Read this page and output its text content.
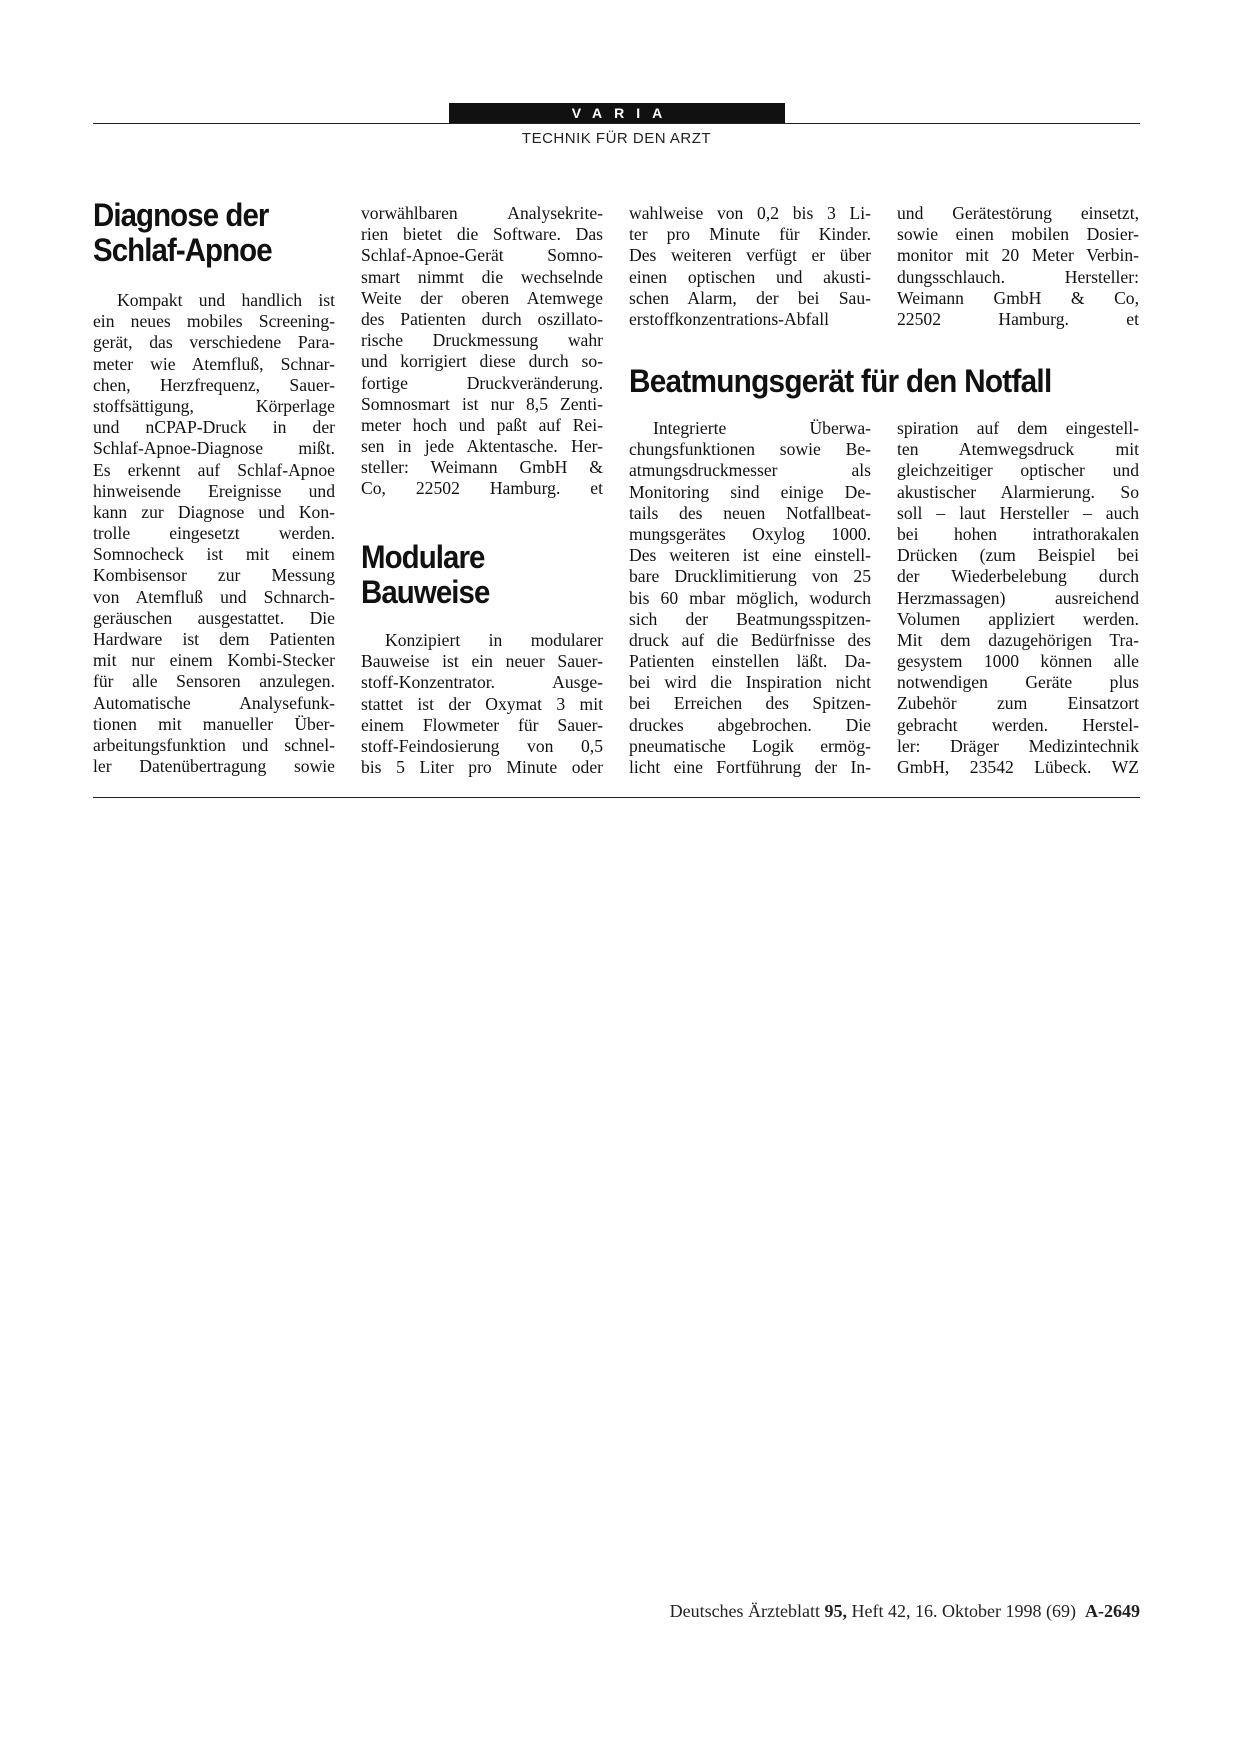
VARIA
TECHNIK FÜR DEN ARZT

Diagnose der

Schlaf-Apnoe

Kompakt und handlich ist
ein neues mobiles Screening-
gerät, das verschiedene Para-
meter wie Atemfluß, Schnar-
chen, Herzfrequenz, Sauer-
stoffsättigung, Körperlage
und nCPAP-Druck in der
Schlaf-Apnoe-Diagnose mißt.
Es erkennt auf Schlaf-Apnoe
hinweisende Ereignisse und
kann zur Diagnose und Kon-
trolle eingesetzt werden.
Somnocheck ist mit einem
Kombisensor zur Messung
von Atemfluß und Schnarch-
geräuschen ausgestattet. Die
Hardware ist dem Patienten
mit nur einem Kombi-Stecker
für alle Sensoren anzulegen.
Automatische Analysefunk-
tionen mit manueller Über-
arbeitungsfunktion und schnel-
ler Datenübertragung sowie
vorwählbaren Analysekrite-
rien bietet die Software. Das
Schlaf-Apnoe-Gerät Somno-
smart nimmt die wechselnde
Weite der oberen Atemwege
des Patienten durch oszillato-
rische Druckmessung wahr
und korrigiert diese durch so-
fortige Druckveränderung.
Somnosmart ist nur 8,5 Zenti-
meter hoch und paßt auf Rei-
sen in jede Aktentasche. Her-
steller: Weimann GmbH &
Co, 22502 Hamburg. et

Modulare

Bauweise

Konzipiert in modularer
Bauweise ist ein neuer Sauer-
stoff-Konzentrator. Ausge-
stattet ist der Oxymat 3 mit
einem Flowmeter für Sauer-
stoff-Feindosierung von 0,5
bis 5 Liter pro Minute oder
wahlweise von 0,2 bis 3 Li-
ter pro Minute für Kinder.
Des weiteren verfügt er über
einen optischen und akusti-
schen Alarm, der bei Sau-
erstoffkonzentrations-Abfall
und Gerätestörung einsetzt,
sowie einen mobilen Dosier-
monitor mit 20 Meter Verbin-
dungsschlauch. Hersteller:
Weimann GmbH & Co,
22502 Hamburg. et
Beatmungsgerät für den Notfall
Integrierte Überwa-
chungsfunktionen sowie Be-
atmungsdruckmesser als
Monitoring sind einige De-
tails des neuen Notfallbeat-
mungsgerätes Oxylog 1000.
Des weiteren ist eine einstell-
bare Drucklimitierung von 25
bis 60 mbar möglich, wodurch
sich der Beatmungsspitzen-
druck auf die Bedürfnisse des
Patienten einstellen läßt. Da-
bei wird die Inspiration nicht
bei Erreichen des Spitzen-
druckes abgebrochen. Die
pneumatische Logik ermög-
licht eine Fortführung der In-
spiration auf dem eingestell-
ten Atemwegsdruck mit
gleichzeitiger optischer und
akustischer Alarmierung. So
soll – laut Hersteller – auch
bei hohen intrathorakalen
Drücken (zum Beispiel bei
der Wiederbelebung durch
Herzmassagen) ausreichend
Volumen appliziert werden.
Mit dem dazugehörigen Tra-
gesystem 1000 können alle
notwendigen Geräte plus
Zubehör zum Einsatzort
gebracht werden. Herstel-
ler: Dräger Medizintechnik
GmbH, 23542 Lübeck. WZ
Deutsches Ärzteblatt 95, Heft 42, 16. Oktober 1998 (69) A-2649
